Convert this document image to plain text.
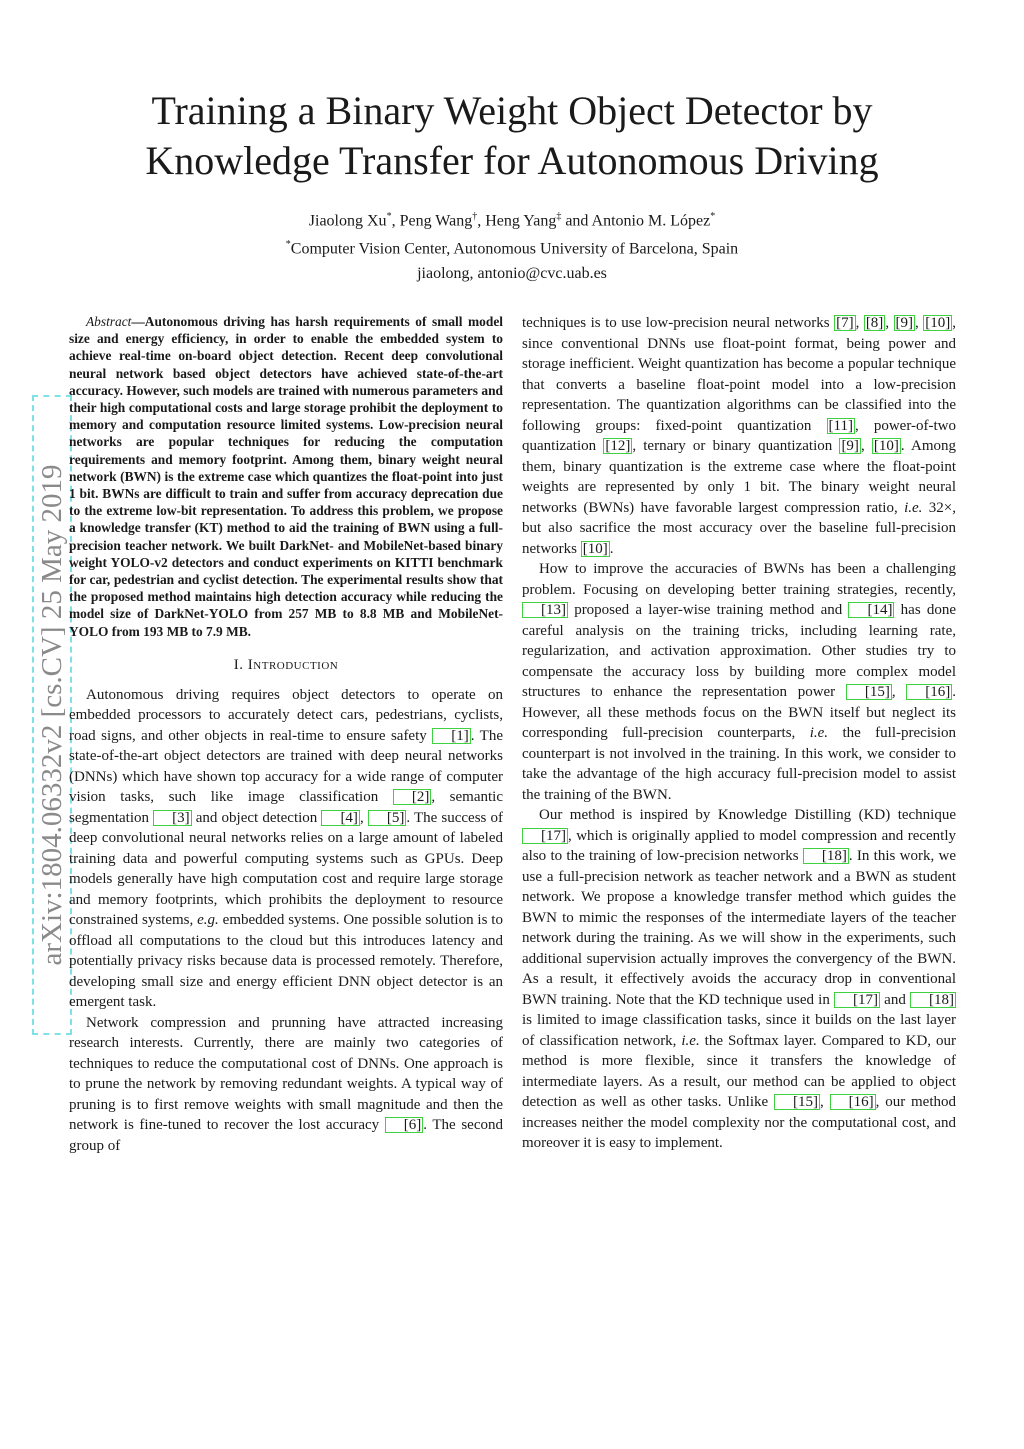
Training a Binary Weight Object Detector by
Knowledge Transfer for Autonomous Driving
Jiaolong Xu*, Peng Wang†, Heng Yang‡ and Antonio M. López*
*Computer Vision Center, Autonomous University of Barcelona, Spain
jiaolong, antonio@cvc.uab.es
arXiv:1804.06332v2 [cs.CV] 25 May 2019

Abstract—Autonomous driving has harsh requirements of small model size and energy efficiency, in order to enable the embedded system to achieve real-time on-board object detection. Recent deep convolutional neural network based object detectors have achieved state-of-the-art accuracy. However, such models are trained with numerous parameters and their high computational costs and large storage prohibit the deployment to memory and computation resource limited systems. Low-precision neural networks are popular techniques for reducing the computation requirements and memory footprint. Among them, binary weight neural network (BWN) is the extreme case which quantizes the float-point into just 1 bit. BWNs are difficult to train and suffer from accuracy deprecation due to the extreme low-bit representation. To address this problem, we propose a knowledge transfer (KT) method to aid the training of BWN using a full-precision teacher network. We built DarkNet- and MobileNet-based binary weight YOLO-v2 detectors and conduct experiments on KITTI benchmark for car, pedestrian and cyclist detection. The experimental results show that the proposed method maintains high detection accuracy while reducing the model size of DarkNet-YOLO from 257 MB to 8.8 MB and MobileNet-YOLO from 193 MB to 7.9 MB.

I. Introduction

Autonomous driving requires object detectors to operate on embedded processors to accurately detect cars, pedestrians, cyclists, road signs, and other objects in real-time to ensure safety [1] . The state-of-the-art object detectors are trained with deep neural networks (DNNs) which have shown top accuracy for a wide range of computer vision tasks, such like image classification [2] , semantic segmentation [3] and object detection [4] , [5] . The success of deep convolutional neural networks relies on a large amount of labeled training data and powerful computing systems such as GPUs. Deep models generally have high computation cost and require large storage and memory footprints, which prohibits the deployment to resource constrained systems, e.g. embedded systems. One possible solution is to offload all computations to the cloud but this introduces latency and potentially privacy risks because data is processed remotely. Therefore, developing small size and energy efficient DNN object detector is an emergent task.

Network compression and prunning have attracted increasing research interests. Currently, there are mainly two categories of techniques to reduce the computational cost of DNNs. One approach is to prune the network by removing redundant weights. A typical way of pruning is to first remove weights with small magnitude and then the network is fine-tuned to recover the lost accuracy [6] . The second group of

techniques is to use low-precision neural networks [7] , [8] , [9] , [10] , since conventional DNNs use float-point format, being power and storage inefficient. Weight quantization has become a popular technique that converts a baseline float-point model into a low-precision representation. The quantization algorithms can be classified into the following groups: fixed-point quantization [11] , power-of-two quantization [12] , ternary or binary quantization [9] , [10] . Among them, binary quantization is the extreme case where the float-point weights are represented by only 1 bit. The binary weight neural networks (BWNs) have favorable largest compression ratio, i.e. 32×, but also sacrifice the most accuracy over the baseline full-precision networks [10] .

How to improve the accuracies of BWNs has been a challenging problem. Focusing on developing better training strategies, recently, [13] proposed a layer-wise training method and [14] has done careful analysis on the training tricks, including learning rate, regularization, and activation approximation. Other studies try to compensate the accuracy loss by building more complex model structures to enhance the representation power [15] , [16] . However, all these methods focus on the BWN itself but neglect its corresponding full-precision counterparts, i.e. the full-precision counterpart is not involved in the training. In this work, we consider to take the advantage of the high accuracy full-precision model to assist the training of the BWN.

Our method is inspired by Knowledge Distilling (KD) technique[17] , which is originally applied to model compression and recently also to the training of low-precision networks [18] . In this work, we use a full-precision network as teacher network and a BWN as student network. We propose a knowledge transfer method which guides the BWN to mimic the responses of the intermediate layers of the teacher network during the training. As we will show in the experiments, such additional supervision actually improves the convergency of the BWN. As a result, it effectively avoids the accuracy drop in conventional BWN training. Note that the KD technique used in [17] and [18] is limited to image classification tasks, since it builds on the last layer of classification network, i.e. the Softmax layer. Compared to KD, our method is more flexible, since it transfers the knowledge of intermediate layers. As a result, our method can be applied to object detection as well as other tasks. Unlike [15] , [16] , our method increases neither the model complexity nor the computational cost, and moreover it is easy to implement.
